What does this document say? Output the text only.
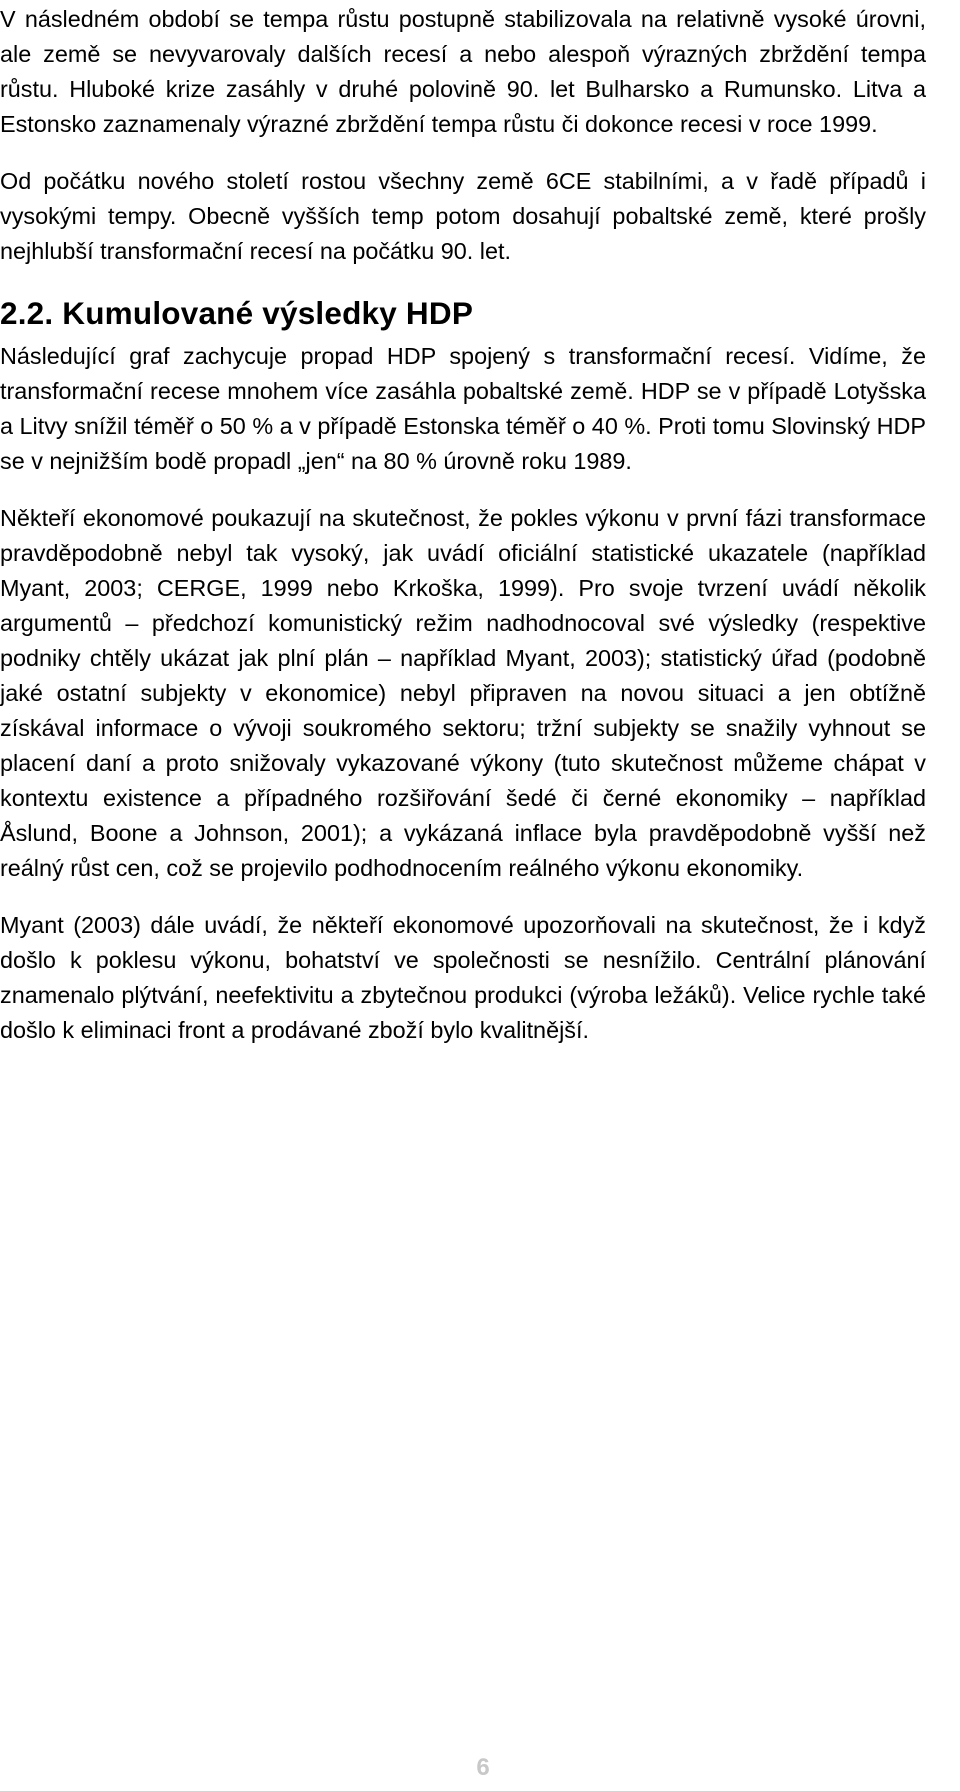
V následném období se tempa růstu postupně stabilizovala na relativně vysoké úrovni, ale země se nevyvarovaly dalších recesí a nebo alespoň výrazných zbrždění tempa růstu. Hluboké krize zasáhly v druhé polovině 90. let Bulharsko a Rumunsko. Litva a Estonsko zaznamenaly výrazné zbrždění tempa růstu či dokonce recesi v roce 1999.

Od počátku nového století rostou všechny země 6CE stabilními, a v řadě případů i vysokými tempy. Obecně vyšších temp potom dosahují pobaltské země, které prošly nejhlubší transformační recesí na počátku 90. let.

2.2. Kumulované výsledky HDP

Následující graf zachycuje propad HDP spojený s transformační recesí. Vidíme, že transformační recese mnohem více zasáhla pobaltské země. HDP se v případě Lotyšska a Litvy snížil téměř o 50 % a v případě Estonska téměř o 40 %. Proti tomu Slovinský HDP se v nejnižším bodě propadl „jen“ na 80 % úrovně roku 1989.

Někteří ekonomové poukazují na skutečnost, že pokles výkonu v první fázi transformace pravděpodobně nebyl tak vysoký, jak uvádí oficiální statistické ukazatele (například Myant, 2003; CERGE, 1999 nebo Krkoška, 1999). Pro svoje tvrzení uvádí několik argumentů – předchozí komunistický režim nadhodnocoval své výsledky (respektive podniky chtěly ukázat jak plní plán – například Myant, 2003); statistický úřad (podobně jaké ostatní subjekty v ekonomice) nebyl připraven na novou situaci a jen obtížně získával informace o vývoji soukromého sektoru; tržní subjekty se snažily vyhnout se placení daní a proto snižovaly vykazované výkony (tuto skutečnost můžeme chápat v kontextu existence a případného rozšiřování šedé či černé ekonomiky – například Åslund, Boone a Johnson, 2001); a vykázaná inflace byla pravděpodobně vyšší než reálný růst cen, což se projevilo podhodnocením reálného výkonu ekonomiky.

Myant (2003) dále uvádí, že někteří ekonomové upozorňovali na skutečnost, že i když došlo k poklesu výkonu, bohatství ve společnosti se nesnížilo. Centrální plánování znamenalo plýtvání, neefektivitu a zbytečnou produkci (výroba ležáků). Velice rychle také došlo k eliminaci front a prodávané zboží bylo kvalitnější.

6
